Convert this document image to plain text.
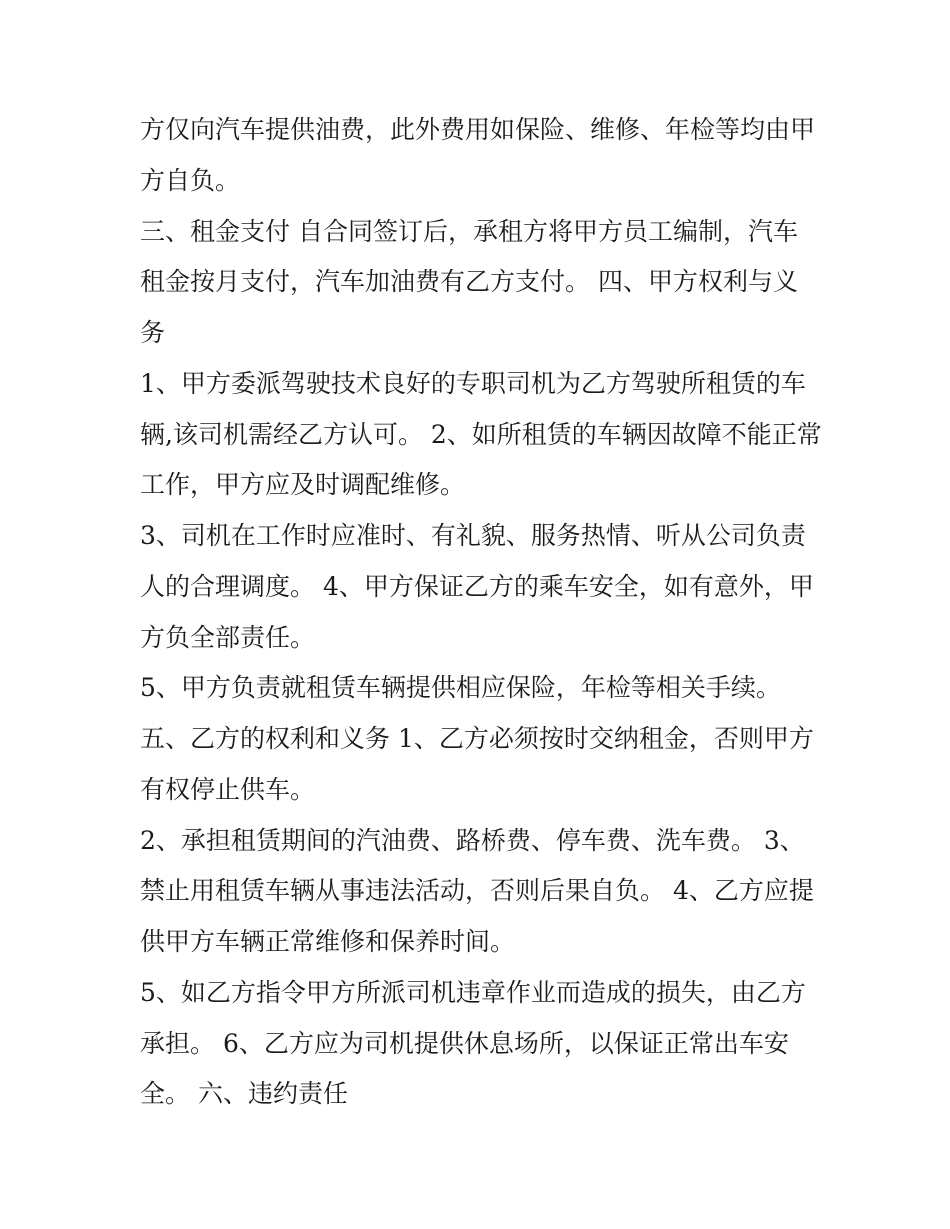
方仅向汽车提供油费，此外费用如保险、维修、年检等均由甲
方自负。
三、租金支付 自合同签订后，承租方将甲方员工编制，汽车
租金按月支付，汽车加油费有乙方支付。 四、甲方权利与义
务
1、甲方委派驾驶技术良好的专职司机为乙方驾驶所租赁的车
辆,该司机需经乙方认可。 2、如所租赁的车辆因故障不能正常
工作，甲方应及时调配维修。
3、司机在工作时应准时、有礼貌、服务热情、听从公司负责
人的合理调度。 4、甲方保证乙方的乘车安全，如有意外，甲
方负全部责任。
5、甲方负责就租赁车辆提供相应保险，年检等相关手续。
五、乙方的权利和义务 1、乙方必须按时交纳租金，否则甲方
有权停止供车。
2、承担租赁期间的汽油费、路桥费、停车费、洗车费。 3、
禁止用租赁车辆从事违法活动，否则后果自负。 4、乙方应提
供甲方车辆正常维修和保养时间。
5、如乙方指令甲方所派司机违章作业而造成的损失，由乙方
承担。 6、乙方应为司机提供休息场所，以保证正常出车安
全。 六、违约责任
